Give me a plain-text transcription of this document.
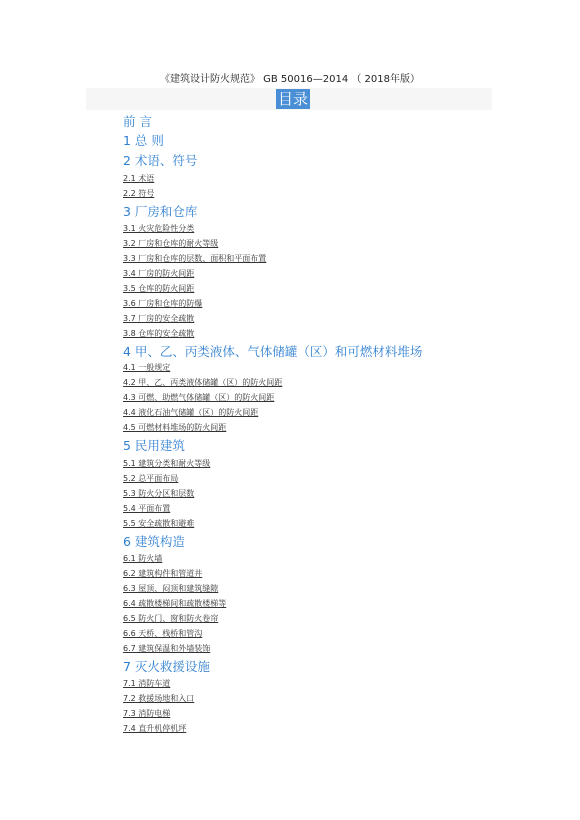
《建筑设计防火规范》 GB 50016—2014 （ 2018年版）
目录
前 言
1 总 则
2 术语、符号
2.1 术语
2.2 符号
3 厂房和仓库
3.1 火灾危险性分类
3.2 厂房和仓库的耐火等级
3.3 厂房和仓库的层数、面积和平面布置
3.4 厂房的防火间距
3.5 仓库的防火间距
3.6 厂房和仓库的防爆
3.7 厂房的安全疏散
3.8 仓库的安全疏散
4 甲、乙、丙类液体、气体储罐（区）和可燃材料堆场
4.1 一般规定
4.2 甲、乙、丙类液体储罐（区）的防火间距
4.3 可燃、助燃气体储罐（区）的防火间距
4.4 液化石油气储罐（区）的防火间距
4.5 可燃材料堆场的防火间距
5 民用建筑
5.1 建筑分类和耐火等级
5.2 总平面布局
5.3 防火分区和层数
5.4 平面布置
5.5 安全疏散和避难
6 建筑构造
6.1 防火墙
6.2 建筑构件和管道井
6.3 屋顶、闷顶和建筑缝隙
6.4 疏散楼梯间和疏散楼梯等
6.5 防火门、窗和防火卷帘
6.6 天桥、栈桥和管沟
6.7 建筑保温和外墙装饰
7 灭火救援设施
7.1 消防车道
7.2 救援场地和入口
7.3 消防电梯
7.4 直升机停机坪
